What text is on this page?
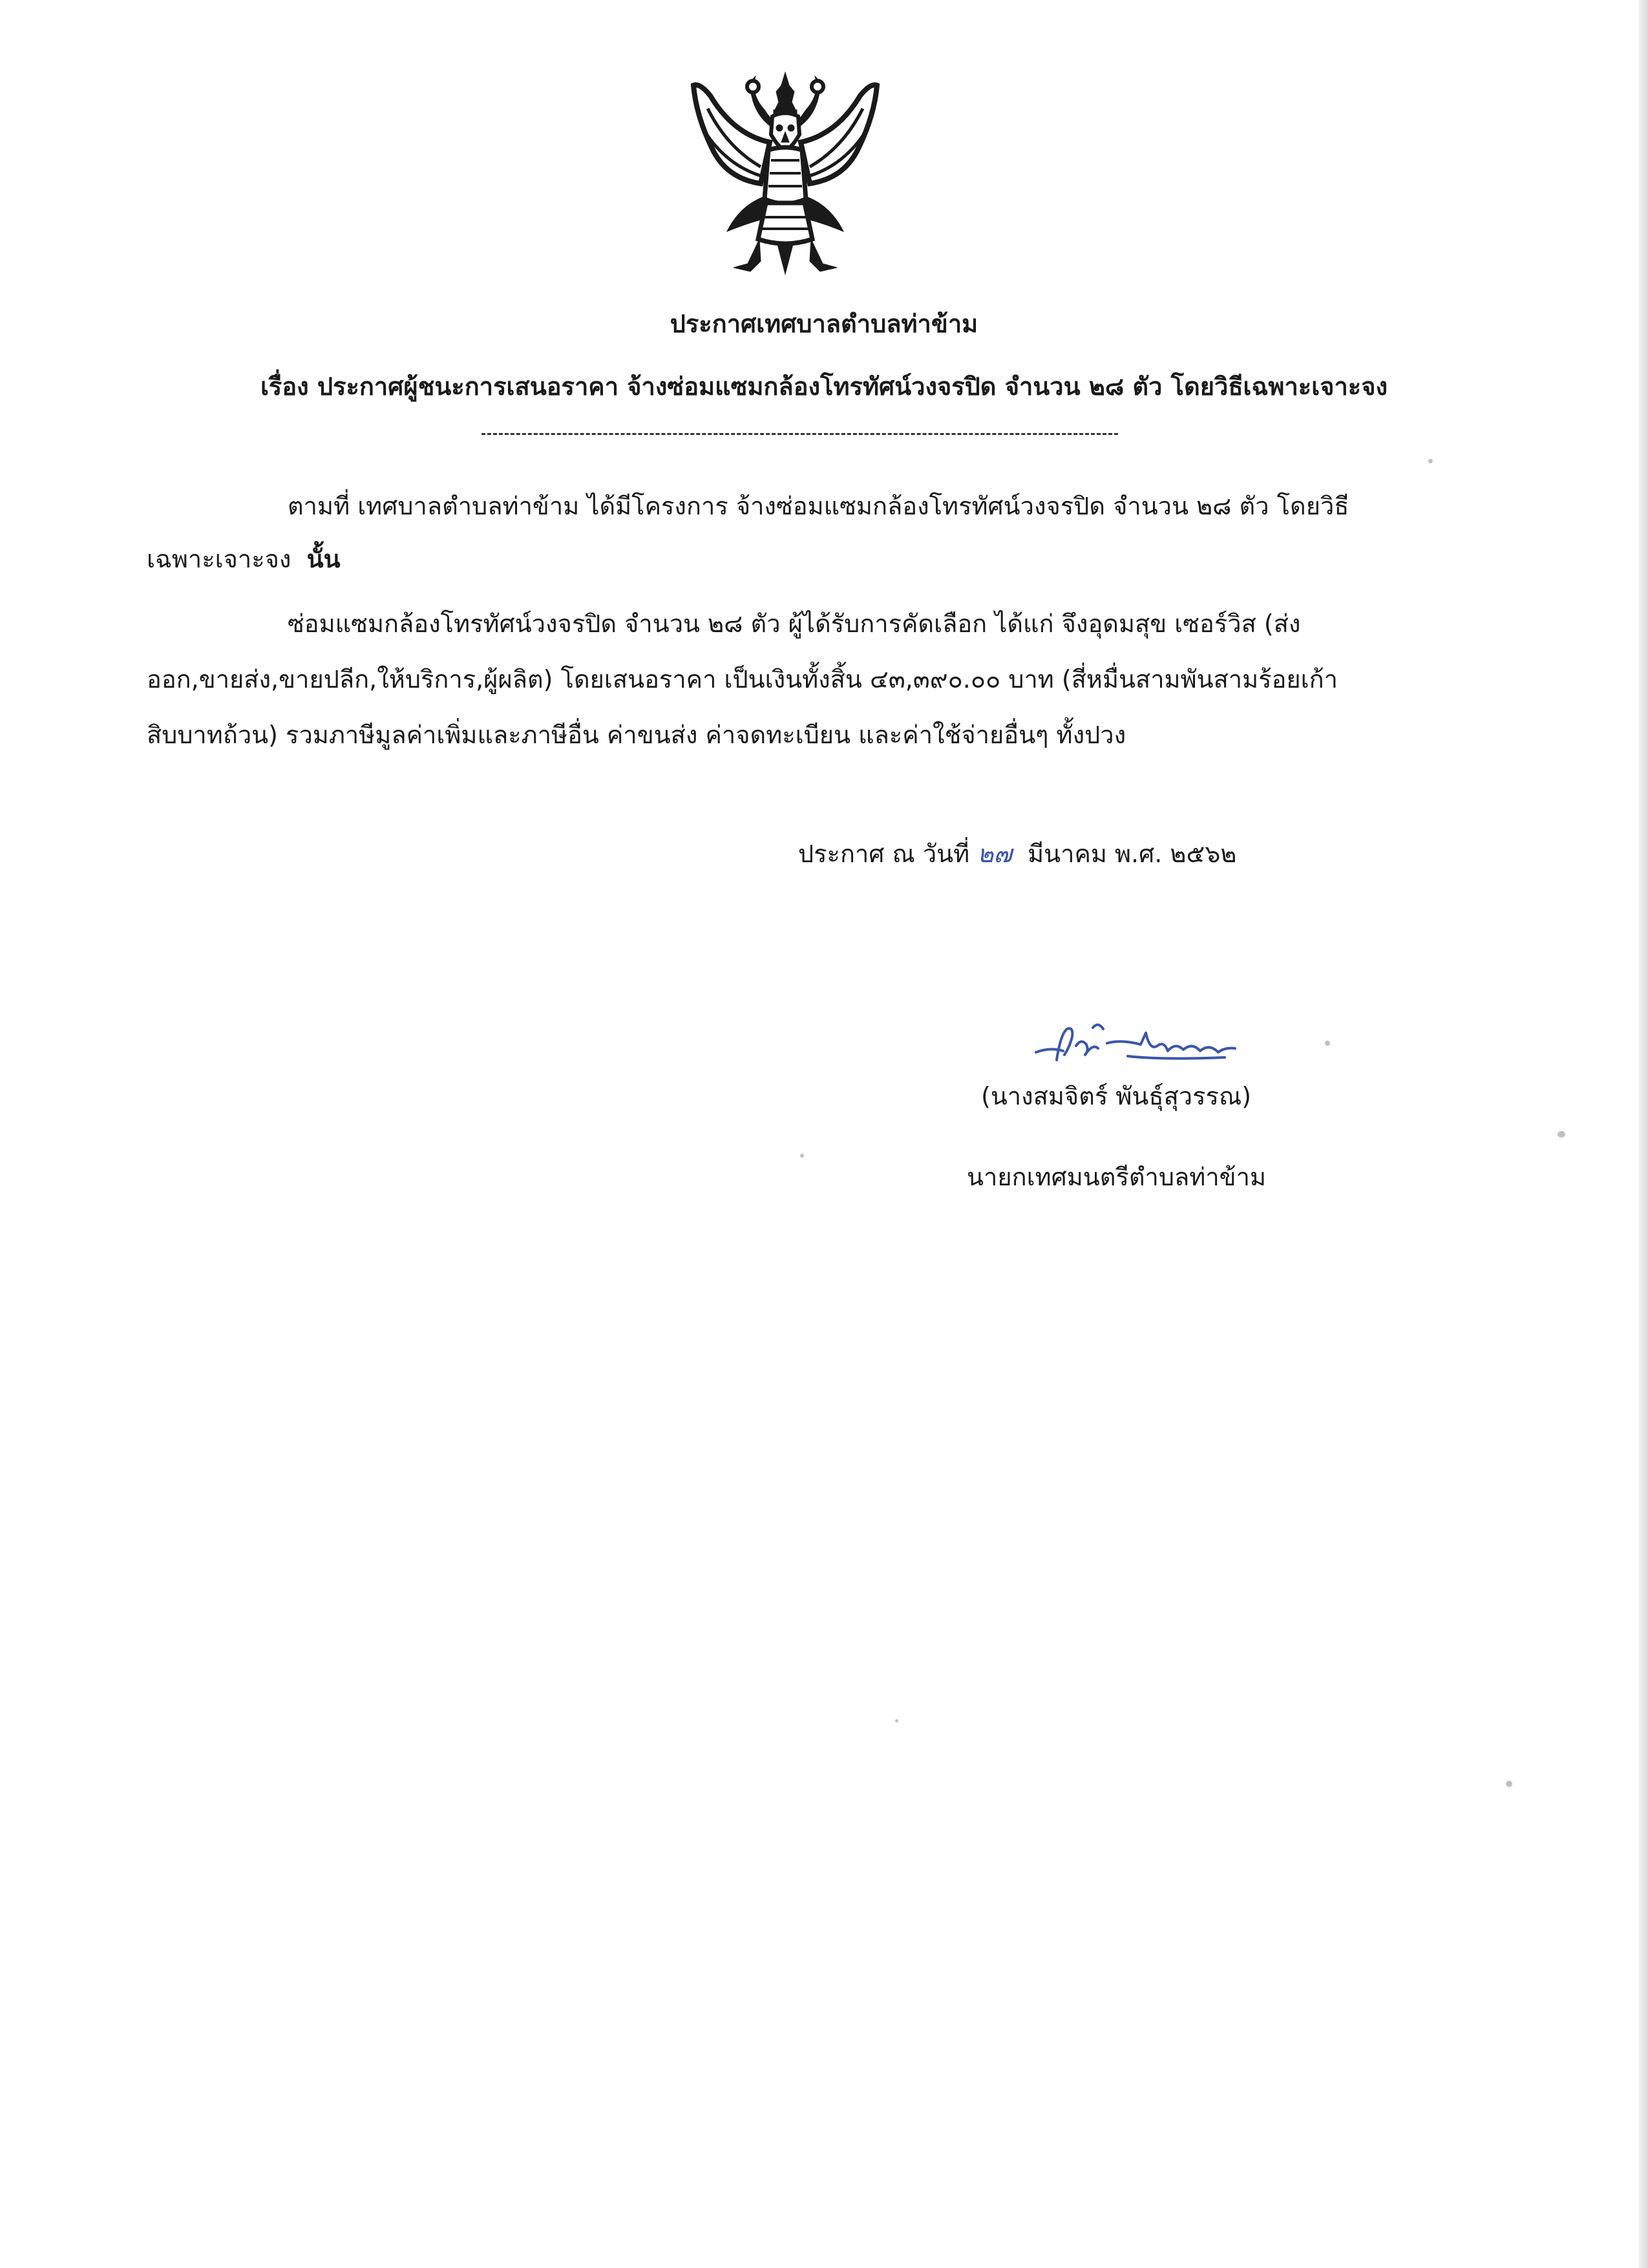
ประกาศเทศบาลตำบลท่าข้าม
เรื่อง ประกาศผู้ชนะการเสนอราคา จ้างซ่อมแซมกล้องโทรทัศน์วงจรปิด จำนวน ๒๘ ตัว โดยวิธีเฉพาะเจาะจง
ตามที่ เทศบาลตำบลท่าข้าม ได้มีโครงการ จ้างซ่อมแซมกล้องโทรทัศน์วงจรปิด จำนวน ๒๘ ตัว โดยวิธี
เฉพาะเจาะจง นั้น
ซ่อมแซมกล้องโทรทัศน์วงจรปิด จำนวน ๒๘ ตัว ผู้ได้รับการคัดเลือก ได้แก่ จึงอุดมสุข เซอร์วิส (ส่ง
ออก,ขายส่ง,ขายปลีก,ให้บริการ,ผู้ผลิต) โดยเสนอราคา เป็นเงินทั้งสิ้น ๔๓,๓๙๐.๐๐ บาท (สี่หมื่นสามพันสามร้อยเก้า
สิบบาทถ้วน) รวมภาษีมูลค่าเพิ่มและภาษีอื่น ค่าขนส่ง ค่าจดทะเบียน และค่าใช้จ่ายอื่นๆ ทั้งปวง
ประกาศ ณ วันที่ ๒๗ มีนาคม พ.ศ. ๒๕๖๒
(นางสมจิตร์ พันธุ์สุวรรณ)
นายกเทศมนตรีตำบลท่าข้าม
